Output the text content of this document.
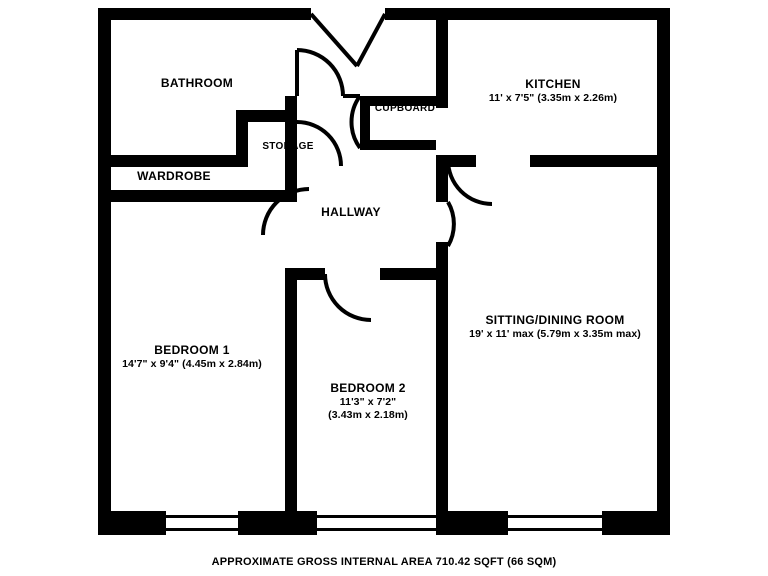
BATHROOM	KITCHEN
11' x 7'5" (3.35m x 2.26m)
CUPBOARD
STORAGE
WARDROBE
HALLWAY
SITTING/DINING ROOM
19' x 11' max (5.79m x 3.35m max)
BEDROOM 1
14'7" x 9'4" (4.45m x 2.84m)
BEDROOM 2
11'3" x 7'2"
(3.43m x 2.18m)
APPROXIMATE GROSS INTERNAL AREA 710.42 SQFT (66 SQM)
